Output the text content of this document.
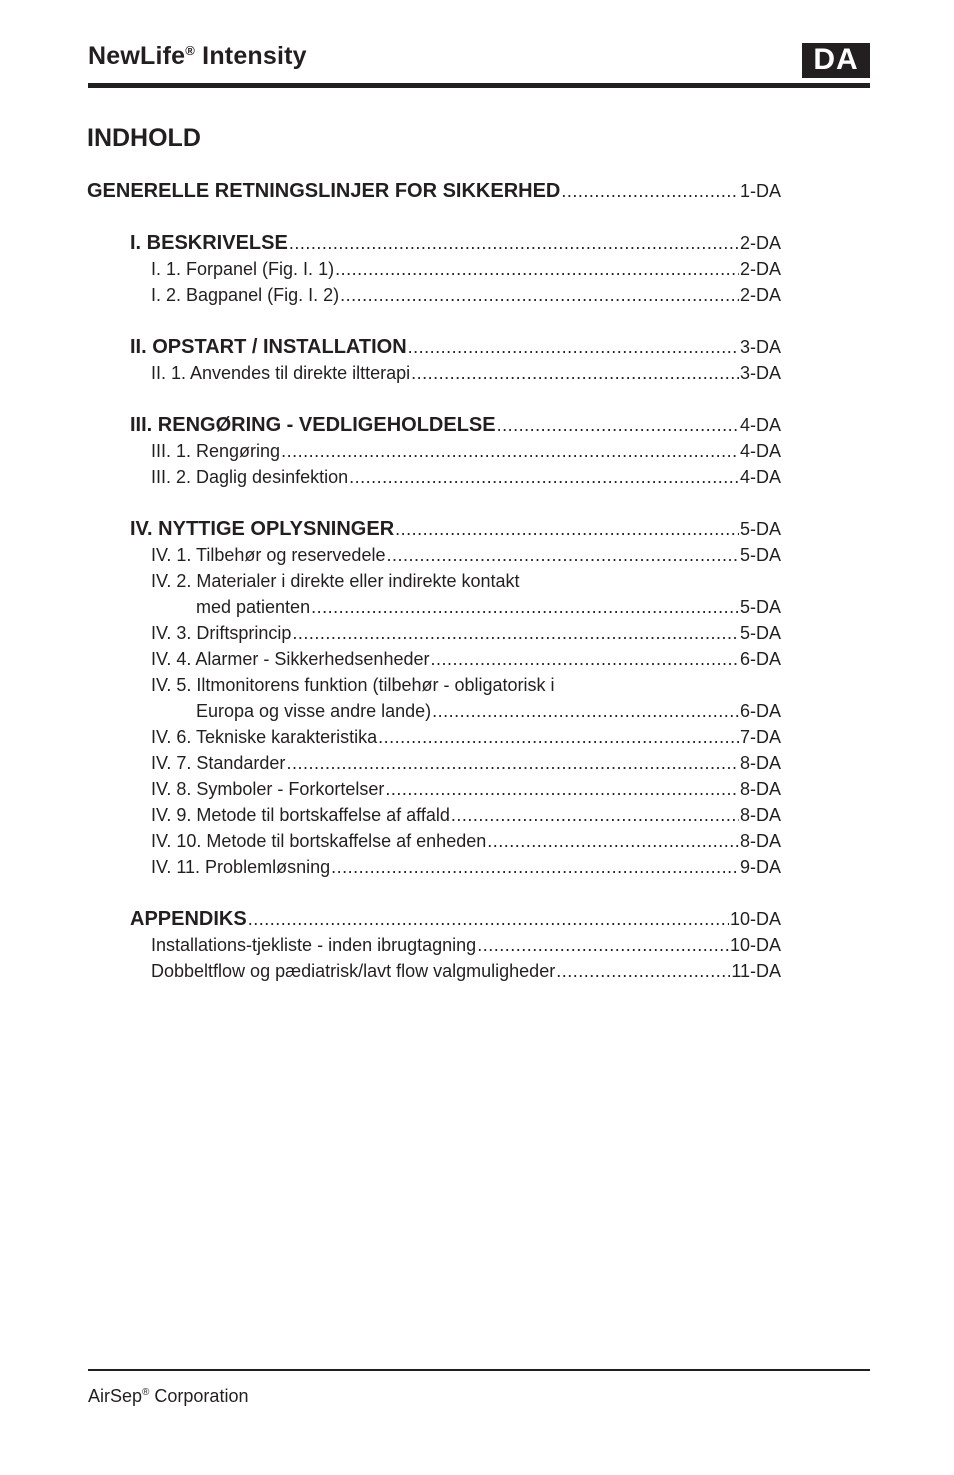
NewLife® Intensity	DA
INDHOLD
GENERELLE RETNINGSLINJER FOR SIKKERHED .....	1-DA
I. BESKRIVELSE .....	2-DA
I. 1. Forpanel (Fig. I. 1) .....	2-DA
I. 2. Bagpanel (Fig. I. 2) .....	2-DA
II. OPSTART / INSTALLATION .....	3-DA
II. 1. Anvendes til direkte iltterapi .....	3-DA
III. RENGØRING - VEDLIGEHOLDELSE .....	4-DA
III. 1. Rengøring .....	4-DA
III. 2. Daglig desinfektion .....	4-DA
IV. NYTTIGE OPLYSNINGER .....	5-DA
IV. 1. Tilbehør og reservedele .....	5-DA
IV. 2. Materialer i direkte eller indirekte kontakt
med patienten .....	5-DA
IV. 3. Driftsprincip .....	5-DA
IV. 4. Alarmer - Sikkerhedsenheder .....	6-DA
IV. 5. Iltmonitorens funktion (tilbehør - obligatorisk i
Europa og visse andre lande) .....	6-DA
IV. 6. Tekniske karakteristika .....	7-DA
IV. 7. Standarder .....	8-DA
IV. 8. Symboler - Forkortelser .....	8-DA
IV. 9. Metode til bortskaffelse af affald .....	8-DA
IV. 10. Metode til bortskaffelse af enheden .....	8-DA
IV. 11. Problemløsning .....	9-DA
APPENDIKS .....	10-DA
Installations-tjekliste - inden ibrugtagning .....	10-DA
Dobbeltflow og pædiatrisk/lavt flow valgmuligheder .....	11-DA
AirSep® Corporation
